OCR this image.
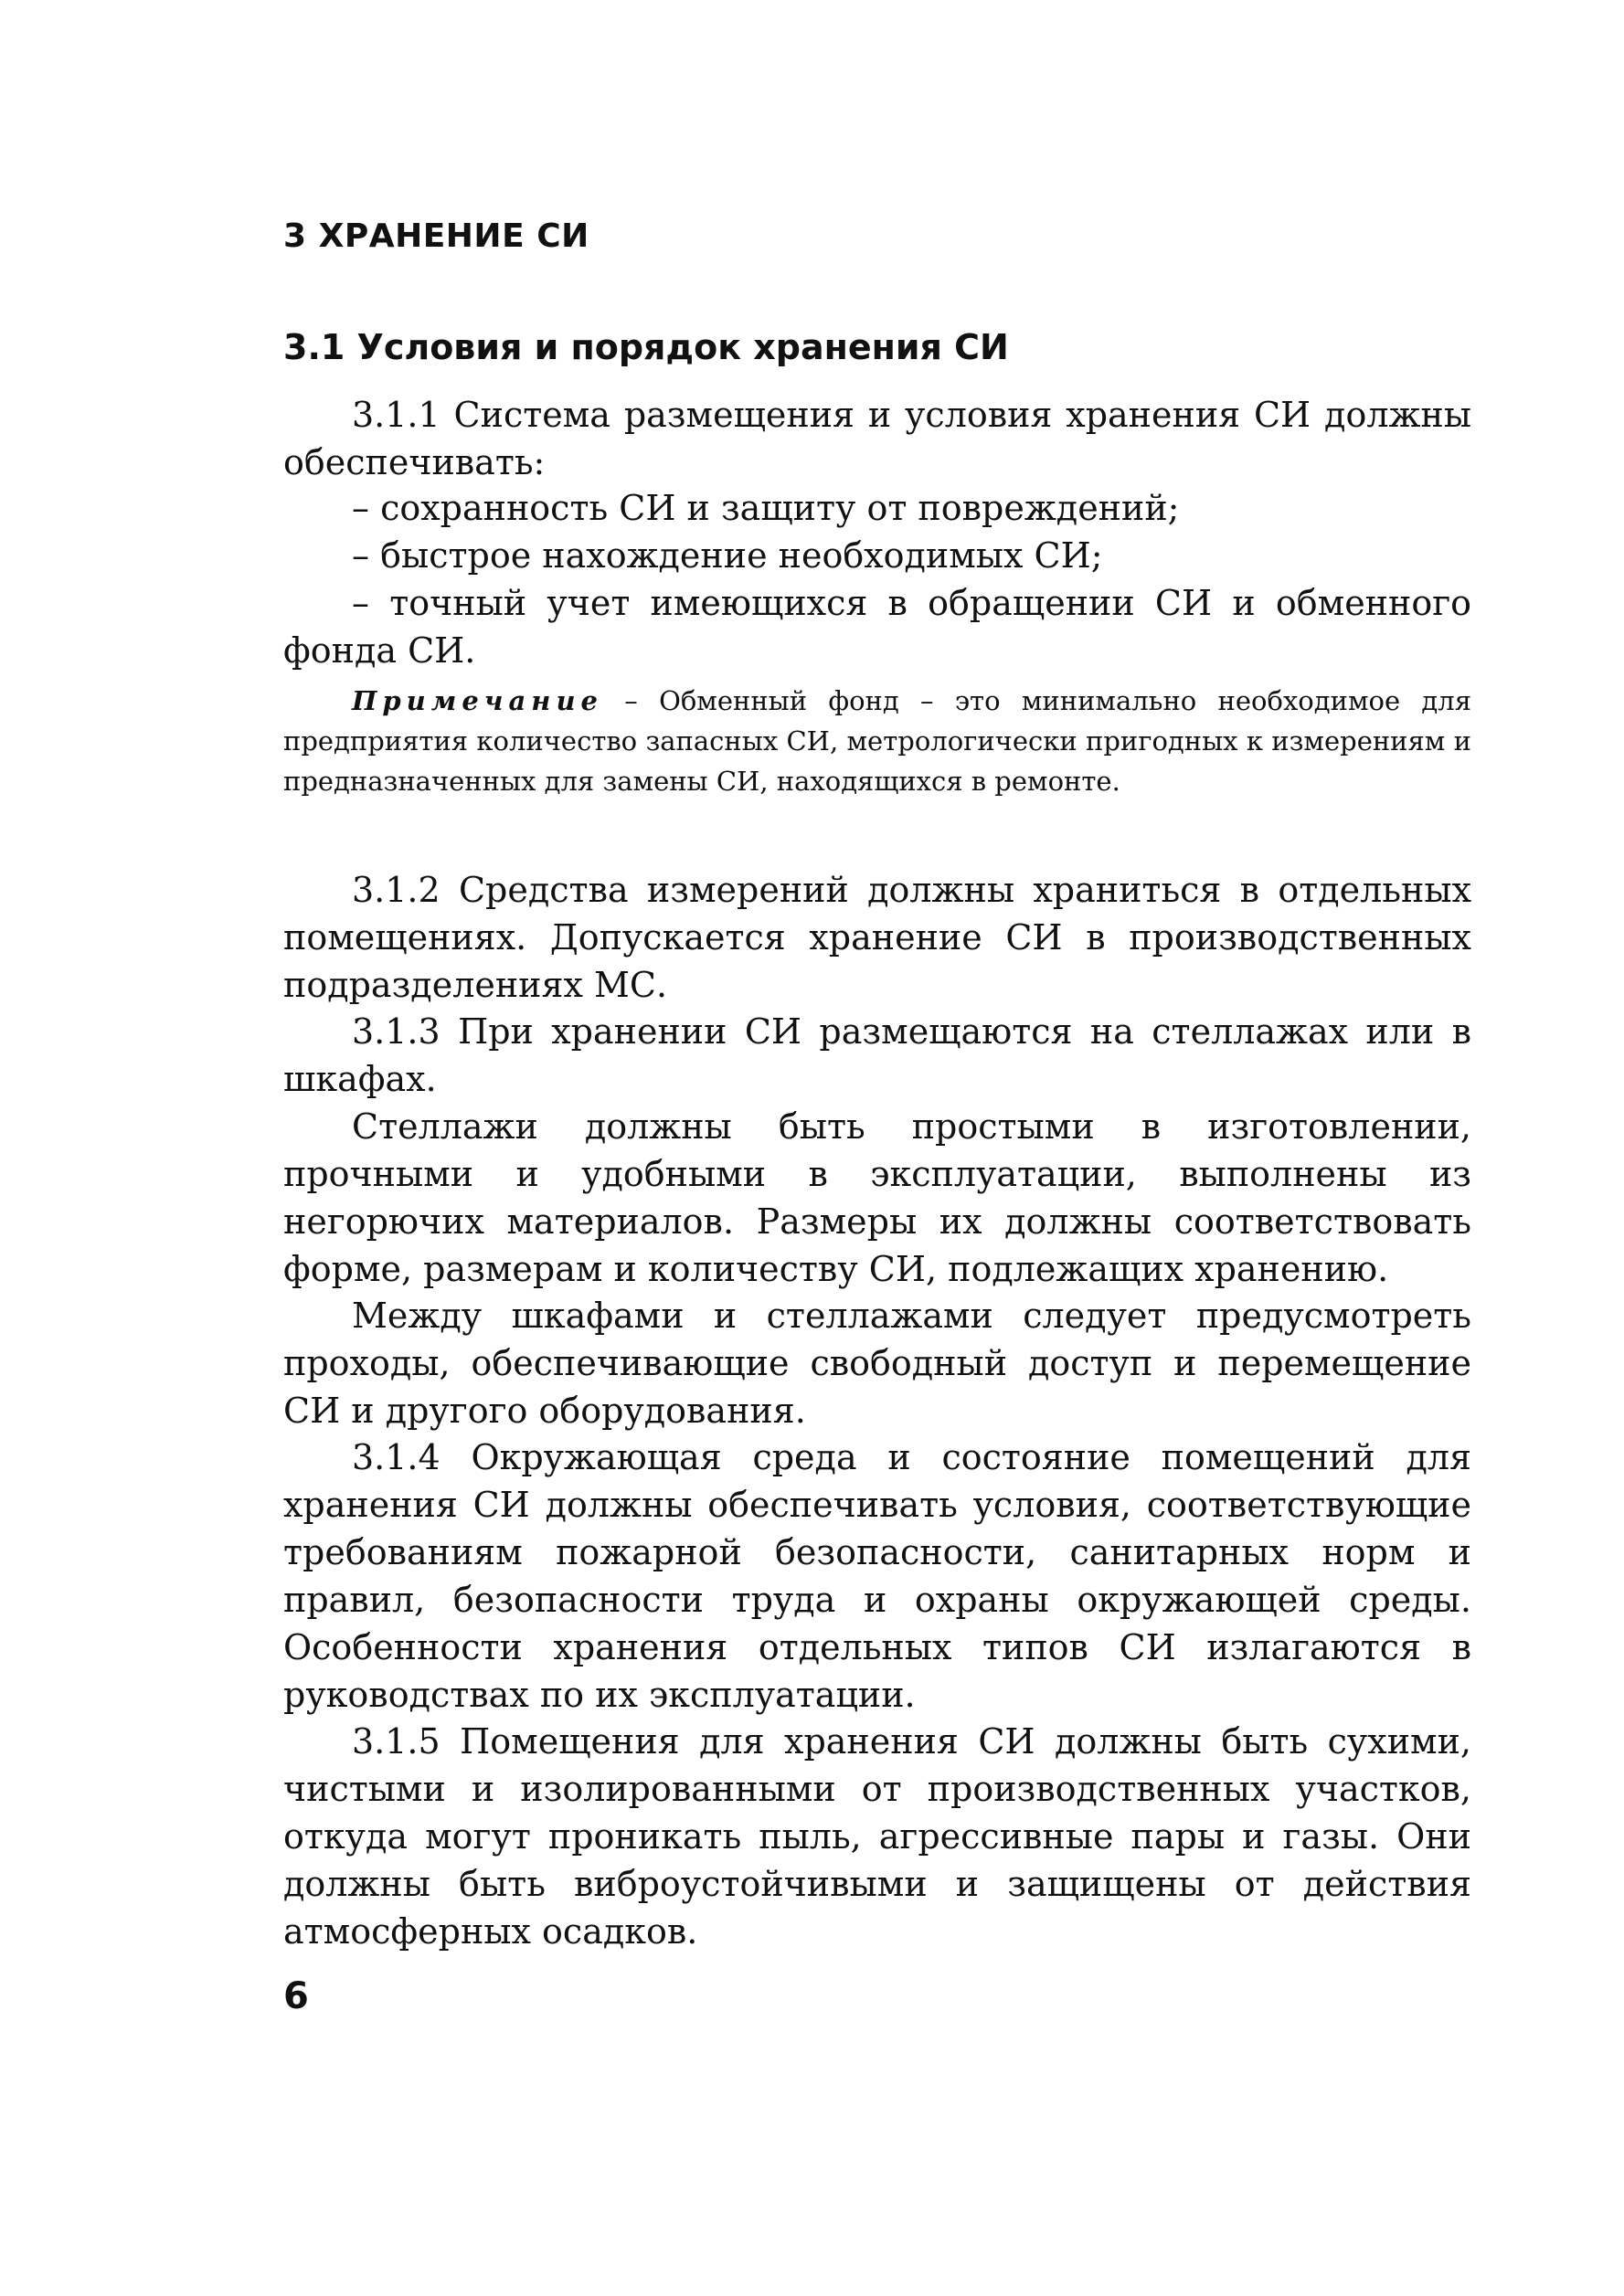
3 ХРАНЕНИЕ СИ
3.1 Условия и порядок хранения СИ

3.1.1 Система размещения и условия хранения СИ должны обеспечивать:

– сохранность СИ и защиту от повреждений;

– быстрое нахождение необходимых СИ;

– точный учет имеющихся в обращении СИ и обменного фонда СИ.

Примечание – Обменный фонд – это минимально необходимое для предприятия количество запасных СИ, метрологически пригодных к измерениям и предназначенных для замены СИ, находящихся в ремонте.

3.1.2 Средства измерений должны храниться в отдельных помещениях. Допускается хранение СИ в производственных подразделениях МС.

3.1.3 При хранении СИ размещаются на стеллажах или в шкафах.

Стеллажи должны быть простыми в изготовлении, прочными и удобными в эксплуатации, выполнены из негорючих материалов. Размеры их должны соответствовать форме, размерам и количеству СИ, подлежащих хранению.

Между шкафами и стеллажами следует предусмотреть проходы, обеспечивающие свободный доступ и перемещение СИ и другого оборудования.

3.1.4 Окружающая среда и состояние помещений для хранения СИ должны обеспечивать условия, соответствующие требованиям пожарной безопасности, санитарных норм и правил, безопасности труда и охраны окружающей среды. Особенности хранения отдельных типов СИ излагаются в руководствах по их эксплуатации.

3.1.5 Помещения для хранения СИ должны быть сухими, чистыми и изолированными от производственных участков, откуда могут проникать пыль, агрессивные пары и газы. Они должны быть виброустойчивыми и защищены от действия атмосферных осадков.

6
